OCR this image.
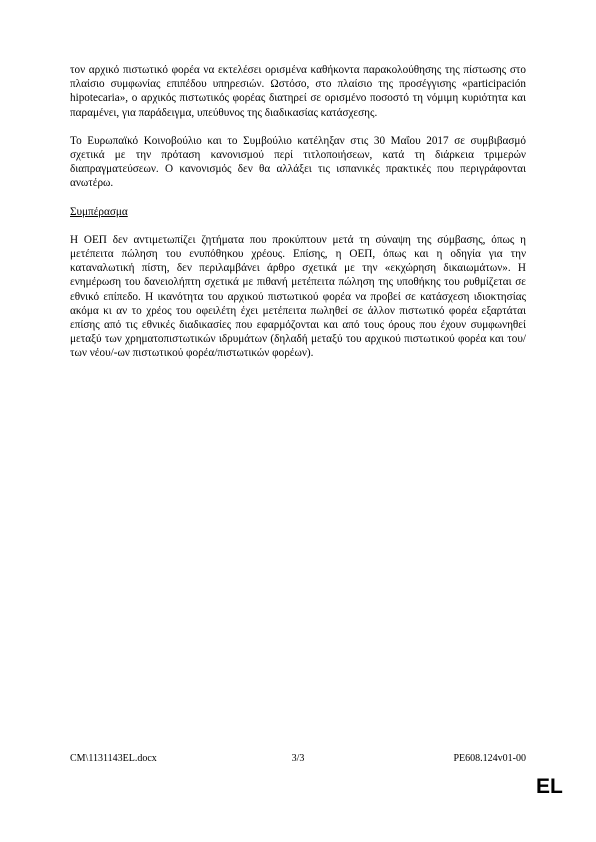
τον αρχικό πιστωτικό φορέα να εκτελέσει ορισμένα καθήκοντα παρακολούθησης της πίστωσης στο πλαίσιο συμφωνίας επιπέδου υπηρεσιών. Ωστόσο, στο πλαίσιο της προσέγγισης «participación hipotecaria», ο αρχικός πιστωτικός φορέας διατηρεί σε ορισμένο ποσοστό τη νόμιμη κυριότητα και παραμένει, για παράδειγμα, υπεύθυνος της διαδικασίας κατάσχεσης.

Το Ευρωπαϊκό Κοινοβούλιο και το Συμβούλιο κατέληξαν στις 30 Μαΐου 2017 σε συμβιβασμό σχετικά με την πρόταση κανονισμού περί τιτλοποιήσεων, κατά τη διάρκεια τριμερών διαπραγματεύσεων. Ο κανονισμός δεν θα αλλάξει τις ισπανικές πρακτικές που περιγράφονται ανωτέρω.

Συμπέρασμα

Η ΟΕΠ δεν αντιμετωπίζει ζητήματα που προκύπτουν μετά τη σύναψη της σύμβασης, όπως η μετέπειτα πώληση του ενυπόθηκου χρέους. Επίσης, η ΟΕΠ, όπως και η οδηγία για την καταναλωτική πίστη, δεν περιλαμβάνει άρθρο σχετικά με την «εκχώρηση δικαιωμάτων». Η ενημέρωση του δανειολήπτη σχετικά με πιθανή μετέπειτα πώληση της υποθήκης του ρυθμίζεται σε εθνικό επίπεδο. Η ικανότητα του αρχικού πιστωτικού φορέα να προβεί σε κατάσχεση ιδιοκτησίας ακόμα κι αν το χρέος του οφειλέτη έχει μετέπειτα πωληθεί σε άλλον πιστωτικό φορέα εξαρτάται επίσης από τις εθνικές διαδικασίες που εφαρμόζονται και από τους όρους που έχουν συμφωνηθεί μεταξύ των χρηματοπιστωτικών ιδρυμάτων (δηλαδή μεταξύ του αρχικού πιστωτικού φορέα και του/των νέου/-ων πιστωτικού φορέα/πιστωτικών φορέων).

CM\1131143EL.docx	3/3	PE608.124v01-00
EL
